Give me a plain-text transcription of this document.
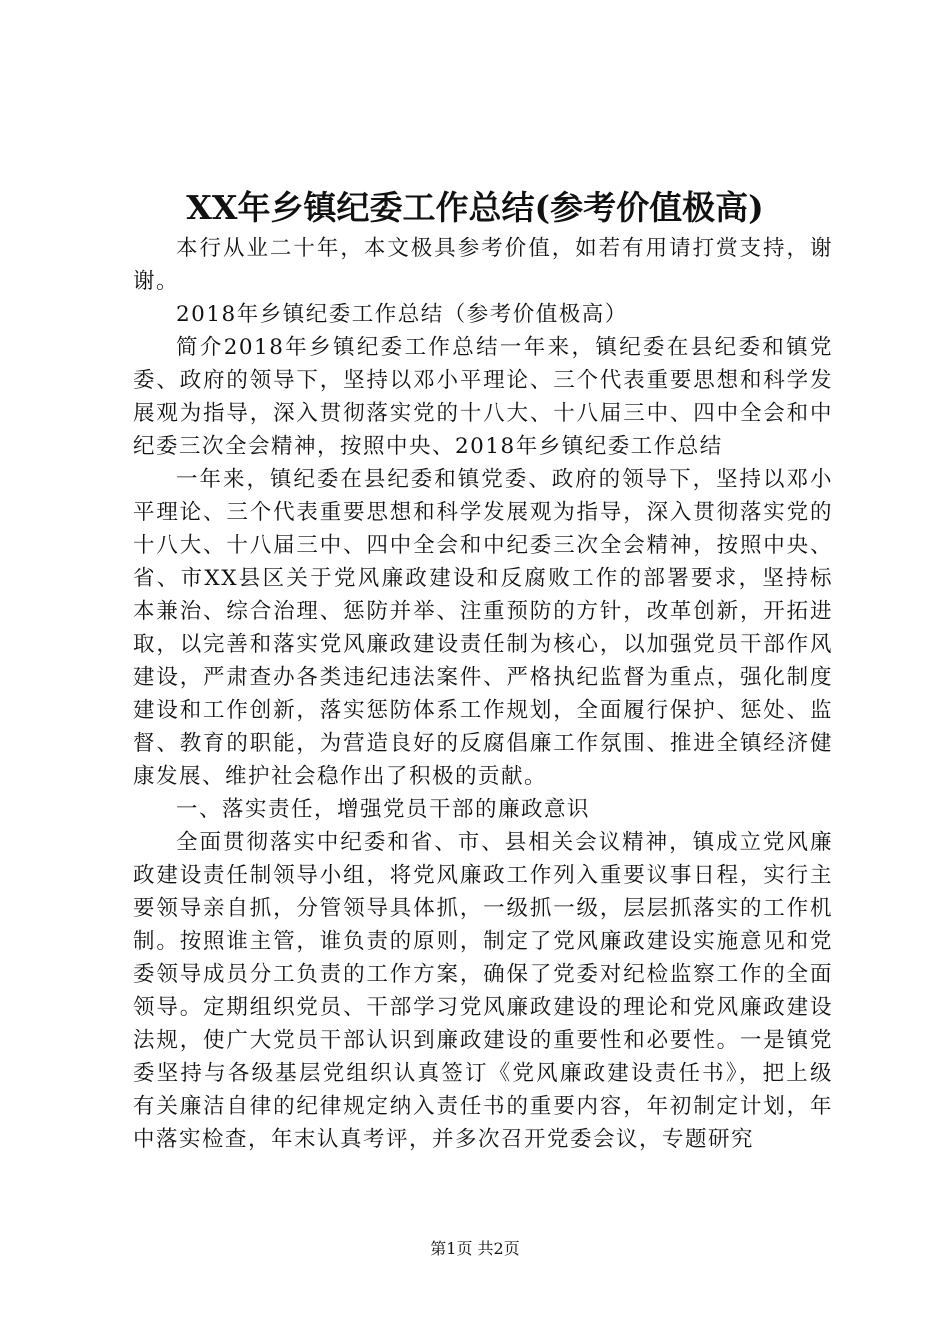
XX年乡镇纪委工作总结(参考价值极高)

本行从业二十年，本文极具参考价值，如若有用请打赏支持，谢谢。

2018年乡镇纪委工作总结（参考价值极高）

简介2018年乡镇纪委工作总结一年来，镇纪委在县纪委和镇党委、政府的领导下，坚持以邓小平理论、三个代表重要思想和科学发展观为指导，深入贯彻落实党的十八大、十八届三中、四中全会和中纪委三次全会精神，按照中央、2018年乡镇纪委工作总结

一年来，镇纪委在县纪委和镇党委、政府的领导下，坚持以邓小平理论、三个代表重要思想和科学发展观为指导，深入贯彻落实党的十八大、十八届三中、四中全会和中纪委三次全会精神，按照中央、省、市XX县区关于党风廉政建设和反腐败工作的部署要求，坚持标本兼治、综合治理、惩防并举、注重预防的方针，改革创新，开拓进取，以完善和落实党风廉政建设责任制为核心，以加强党员干部作风建设，严肃查办各类违纪违法案件、严格执纪监督为重点，强化制度建设和工作创新，落实惩防体系工作规划，全面履行保护、惩处、监督、教育的职能，为营造良好的反腐倡廉工作氛围、推进全镇经济健康发展、维护社会稳作出了积极的贡献。

一、落实责任，增强党员干部的廉政意识

全面贯彻落实中纪委和省、市、县相关会议精神，镇成立党风廉政建设责任制领导小组，将党风廉政工作列入重要议事日程，实行主要领导亲自抓，分管领导具体抓，一级抓一级，层层抓落实的工作机制。按照谁主管，谁负责的原则，制定了党风廉政建设实施意见和党委领导成员分工负责的工作方案，确保了党委对纪检监察工作的全面领导。定期组织党员、干部学习党风廉政建设的理论和党风廉政建设法规，使广大党员干部认识到廉政建设的重要性和必要性。一是镇党委坚持与各级基层党组织认真签订《党风廉政建设责任书》，把上级有关廉洁自律的纪律规定纳入责任书的重要内容，年初制定计划，年中落实检查，年末认真考评，并多次召开党委会议，专题研究

第1页 共2页
